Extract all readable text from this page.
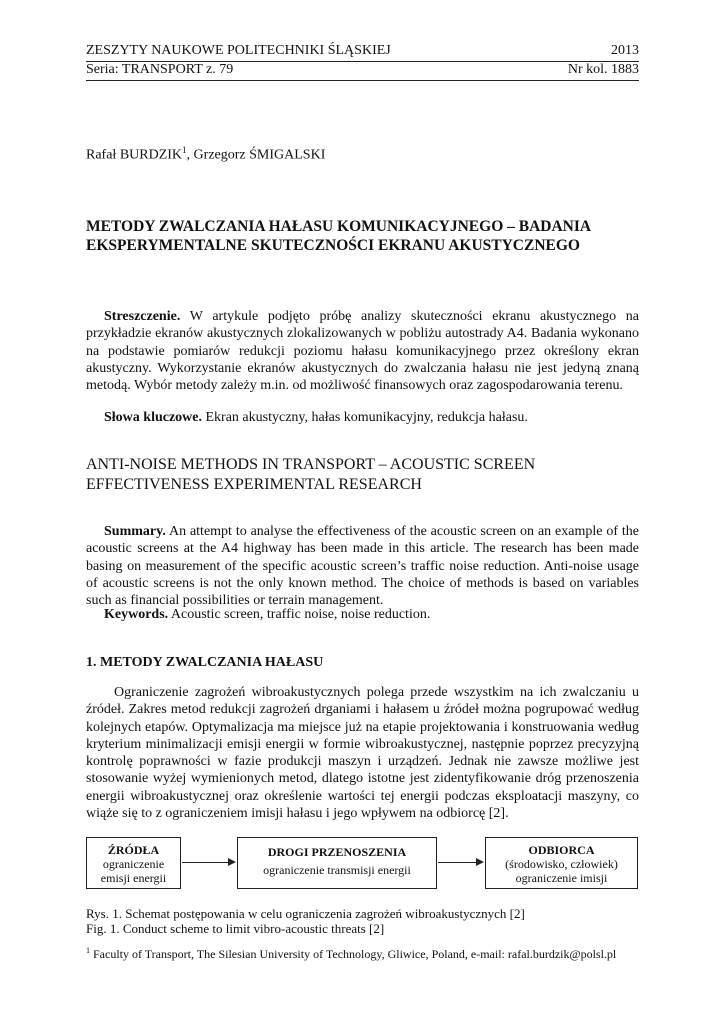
ZESZYTY NAUKOWE POLITECHNIKI ŚLĄSKIEJ	2013
Seria: TRANSPORT z. 79	Nr kol. 1883
Rafał BURDZIK$^1$, Grzegorz ŚMIGALSKI
METODY ZWALCZANIA HAŁASU KOMUNIKACYJNEGO – BADANIA EKSPERYMENTALNE SKUTECZNOŚCI EKRANU AKUSTYCZNEGO
Streszczenie. W artykule podjęto próbę analizy skuteczności ekranu akustycznego na przykładzie ekranów akustycznych zlokalizowanych w pobliżu autostrady A4. Badania wykonano na podstawie pomiarów redukcji poziomu hałasu komunikacyjnego przez określony ekran akustyczny. Wykorzystanie ekranów akustycznych do zwalczania hałasu nie jest jedyną znaną metodą. Wybór metody zależy m.in. od możliwość finansowych oraz zagospodarowania terenu.
Słowa kluczowe. Ekran akustyczny, hałas komunikacyjny, redukcja hałasu.
ANTI-NOISE METHODS IN TRANSPORT – ACOUSTIC SCREEN EFFECTIVENESS EXPERIMENTAL RESEARCH
Summary. An attempt to analyse the effectiveness of the acoustic screen on an example of the acoustic screens at the A4 highway has been made in this article. The research has been made basing on measurement of the specific acoustic screen’s traffic noise reduction. Anti-noise usage of acoustic screens is not the only known method. The choice of methods is based on variables such as financial possibilities or terrain management.
Keywords. Acoustic screen, traffic noise, noise reduction.
1. METODY ZWALCZANIA HAŁASU
Ograniczenie zagrożeń wibroakustycznych polega przede wszystkim na ich zwalczaniu u źródeł. Zakres metod redukcji zagrożeń drganiami i hałasem u źródeł można pogrupować według kolejnych etapów. Optymalizacja ma miejsce już na etapie projektowania i konstruowania według kryterium minimalizacji emisji energii w formie wibroakustycznej, następnie poprzez precyzyjną kontrolę poprawności w fazie produkcji maszyn i urządzeń. Jednak nie zawsze możliwe jest stosowanie wyżej wymienionych metod, dlatego istotne jest zidentyfikowanie dróg przenoszenia energii wibroakustycznej oraz określenie wartości tej energii podczas eksploatacji maszyny, co wiąże się to z ograniczeniem imisji hałasu i jego wpływem na odbiorcę [2].
ŹRÓDŁA
ograniczenie
emisji energii
DROGI PRZENOSZENIA
ograniczenie transmisji energii
ODBIORCA
(środowisko, człowiek)
ograniczenie imisji
Rys. 1. Schemat postępowania w celu ograniczenia zagrożeń wibroakustycznych [2]
Fig. 1. Conduct scheme to limit vibro-acoustic threats [2]
$^1$ Faculty of Transport, The Silesian University of Technology, Gliwice, Poland, e-mail: rafal.burdzik@polsl.pl
